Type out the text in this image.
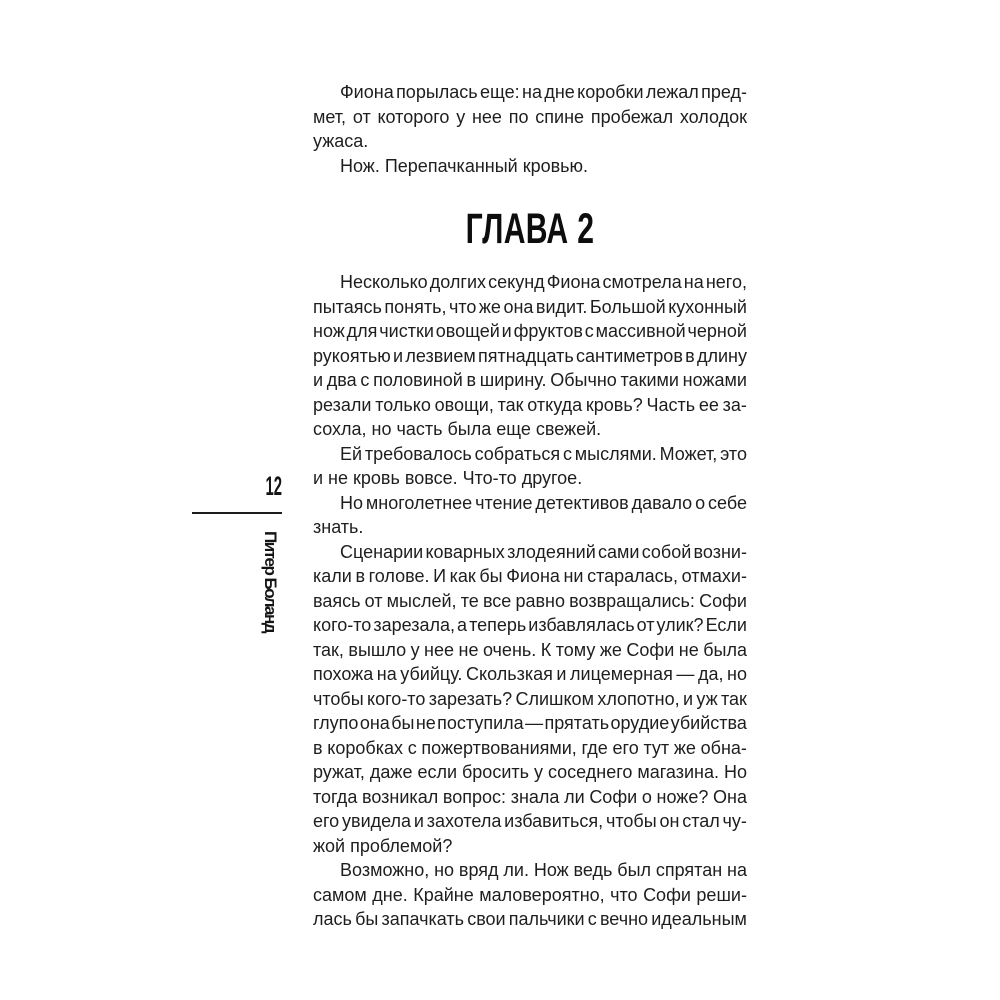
12
Питер Боланд

Фиона порылась еще: на дне коробки лежал пред-
мет, от которого у нее по спине пробежал холодок
ужаса.

Нож. Перепачканный кровью.

ГЛАВА 2

Несколько долгих секунд Фиона смотрела на него,
пытаясь понять, что же она видит. Большой кухонный
нож для чистки овощей и фруктов с массивной черной
рукоятью и лезвием пятнадцать сантиметров в длину
и два с половиной в ширину. Обычно такими ножами
резали только овощи, так откуда кровь? Часть ее за-
сохла, но часть была еще свежей.

Ей требовалось собраться с мыслями. Может, это
и не кровь вовсе. Что-то другое.

Но многолетнее чтение детективов давало о себе
знать.

Сценарии коварных злодеяний сами собой возни-
кали в голове. И как бы Фиона ни старалась, отмахи-
ваясь от мыслей, те все равно возвращались: Софи
кого-то зарезала, а теперь избавлялась от улик? Если
так, вышло у нее не очень. К тому же Софи не была
похожа на убийцу. Скользкая и лицемерная — да, но
чтобы кого-то зарезать? Слишком хлопотно, и уж так
глупо она бы не поступила — прятать орудие убийства
в коробках с пожертвованиями, где его тут же обна-
ружат, даже если бросить у соседнего магазина. Но
тогда возникал вопрос: знала ли Софи о ноже? Она
его увидела и захотела избавиться, чтобы он стал чу-
жой проблемой?

Возможно, но вряд ли. Нож ведь был спрятан на
самом дне. Крайне маловероятно, что Софи реши-
лась бы запачкать свои пальчики с вечно идеальным
